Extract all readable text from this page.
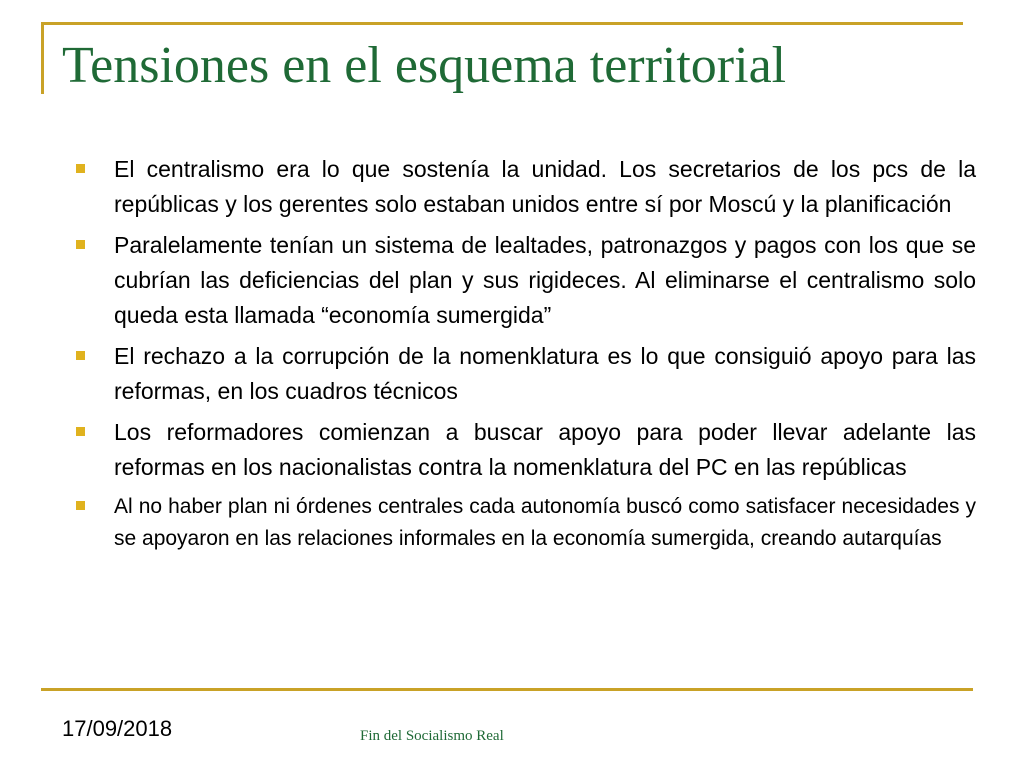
Tensiones en el esquema territorial
El centralismo era lo que sostenía la unidad. Los secretarios de los pcs de la repúblicas y los gerentes solo estaban unidos entre sí por Moscú y la planificación
Paralelamente tenían un sistema de lealtades, patronazgos y pagos con los que se cubrían las deficiencias del plan y sus rigideces. Al eliminarse el centralismo solo queda esta llamada “economía sumergida”
El rechazo a la corrupción de la nomenklatura es lo que consiguió apoyo para las reformas, en los cuadros técnicos
Los reformadores comienzan a buscar apoyo para poder llevar adelante las reformas en los nacionalistas contra la nomenklatura del PC en las repúblicas
Al no haber plan ni órdenes centrales cada autonomía buscó como satisfacer necesidades y se apoyaron en las relaciones informales en la economía sumergida, creando autarquías
17/09/2018	Fin del Socialismo Real
